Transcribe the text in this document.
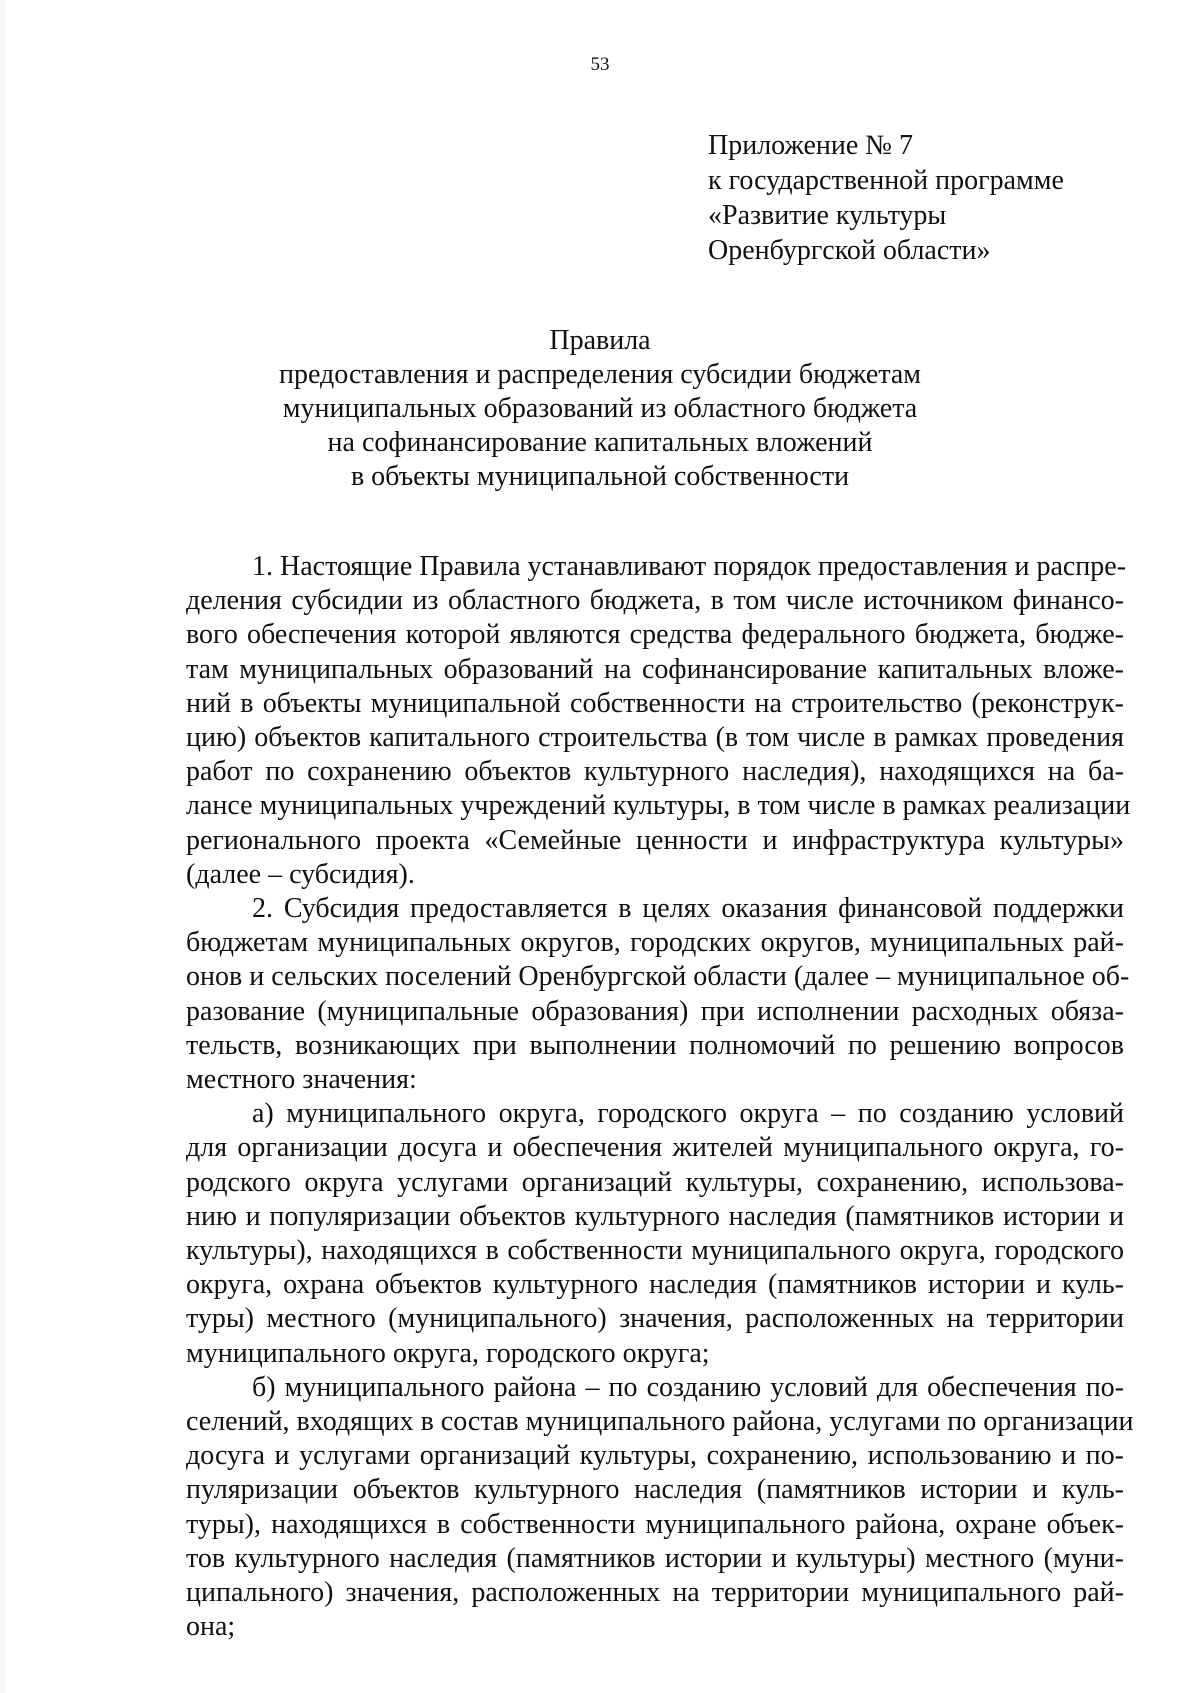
53
Приложение № 7
к государственной программе
«Развитие культуры
Оренбургской области»
Правила
предоставления и распределения субсидии бюджетам
муниципальных образований из областного бюджета
на софинансирование капитальных вложений
в объекты муниципальной собственности
1. Настоящие Правила устанавливают порядок предоставления и распре-
деления субсидии из областного бюджета, в том числе источником финансо-
вого обеспечения которой являются средства федерального бюджета, бюдже-
там муниципальных образований на софинансирование капитальных вложе-
ний в объекты муниципальной собственности на строительство (реконструк-
цию) объектов капитального строительства (в том числе в рамках проведения
работ по сохранению объектов культурного наследия), находящихся на ба-
лансе муниципальных учреждений культуры, в том числе в рамках реализации
регионального проекта «Семейные ценности и инфраструктура культуры»
(далее – субсидия).
2. Субсидия предоставляется в целях оказания финансовой поддержки
бюджетам муниципальных округов, городских округов, муниципальных рай-
онов и сельских поселений Оренбургской области (далее – муниципальное об-
разование (муниципальные образования) при исполнении расходных обяза-
тельств, возникающих при выполнении полномочий по решению вопросов
местного значения:
а) муниципального округа, городского округа – по созданию условий
для организации досуга и обеспечения жителей муниципального округа, го-
родского округа услугами организаций культуры, сохранению, использова-
нию и популяризации объектов культурного наследия (памятников истории и
культуры), находящихся в собственности муниципального округа, городского
округа, охрана объектов культурного наследия (памятников истории и куль-
туры) местного (муниципального) значения, расположенных на территории
муниципального округа, городского округа;
б) муниципального района – по созданию условий для обеспечения по-
селений, входящих в состав муниципального района, услугами по организации
досуга и услугами организаций культуры, сохранению, использованию и по-
пуляризации объектов культурного наследия (памятников истории и куль-
туры), находящихся в собственности муниципального района, охране объек-
тов культурного наследия (памятников истории и культуры) местного (муни-
ципального) значения, расположенных на территории муниципального рай-
она;
